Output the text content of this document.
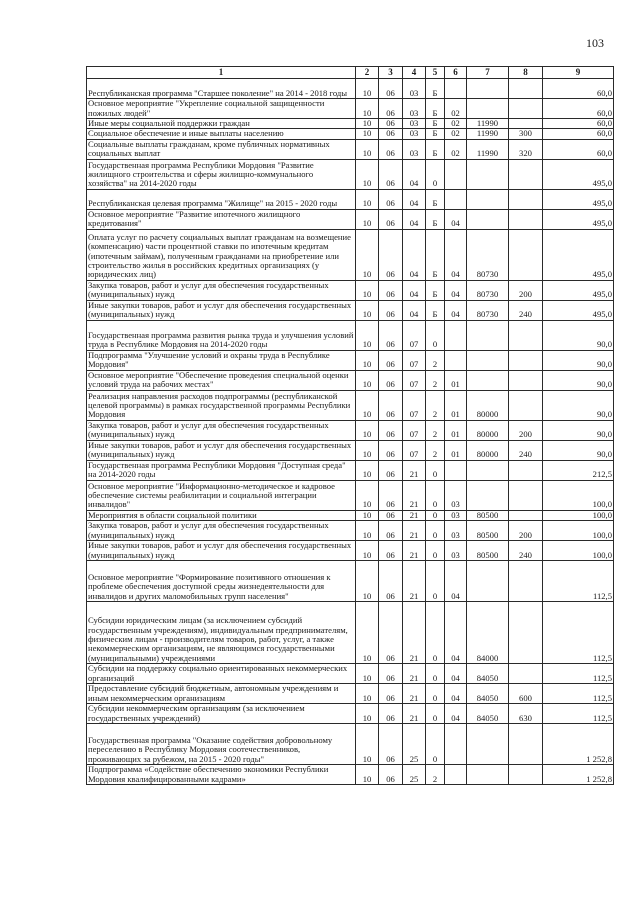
103
1	2	3	4	5	6	7	8	9
Республиканская программа "Старшее поколение" на 2014 - 2018 годы	10	06	03	Б				60,0
Основное мероприятие "Укрепление социальной защищенности пожилых людей"	10	06	03	Б	02			60,0
Иные меры социальной поддержки граждан	10	06	03	Б	02	11990		60,0
Социальное обеспечение и иные выплаты населению	10	06	03	Б	02	11990	300	60,0
Социальные выплаты гражданам, кроме публичных нормативных социальных выплат	10	06	03	Б	02	11990	320	60,0
Государственная программа Республики Мордовия "Развитие жилищного строительства и сферы жилищно-коммунального хозяйства" на 2014-2020 годы	10	06	04	0				495,0
Республиканская целевая программа "Жилище" на 2015 - 2020 годы	10	06	04	Б				495,0
Основное мероприятие "Развитие ипотечного жилищного кредитования"	10	06	04	Б	04			495,0
Оплата услуг по расчету социальных выплат гражданам на возмещение (компенсацию) части процентной ставки по ипотечным кредитам (ипотечным займам), полученным гражданами на приобретение или строительство жилья в российских кредитных организациях (у юридических лиц)	10	06	04	Б	04	80730		495,0
Закупка товаров, работ и услуг для обеспечения государственных (муниципальных) нужд	10	06	04	Б	04	80730	200	495,0
Иные закупки товаров, работ и услуг для обеспечения государственных (муниципальных) нужд	10	06	04	Б	04	80730	240	495,0
Государственная программа развития рынка труда и улучшения условий труда в Республике Мордовия на 2014-2020 годы	10	06	07	0				90,0
Подпрограмма "Улучшение условий и охраны труда в Республике Мордовия"	10	06	07	2				90,0
Основное мероприятие "Обеспечение проведения специальной оценки условий труда на рабочих местах"	10	06	07	2	01			90,0
Реализация направления расходов подпрограммы (республиканской целевой программы) в рамках государственной программы Республики Мордовия	10	06	07	2	01	80000		90,0
Закупка товаров, работ и услуг для обеспечения государственных (муниципальных) нужд	10	06	07	2	01	80000	200	90,0
Иные закупки товаров, работ и услуг для обеспечения государственных (муниципальных) нужд	10	06	07	2	01	80000	240	90,0
Государственная программа Республики Мордовия "Доступная среда" на 2014-2020 годы	10	06	21	0				212,5
Основное мероприятие "Информационно-методическое и кадровое обеспечение системы реабилитации и социальной интеграции инвалидов"	10	06	21	0	03			100,0
Мероприятия в области социальной политики	10	06	21	0	03	80500		100,0
Закупка товаров, работ и услуг для обеспечения государственных (муниципальных) нужд	10	06	21	0	03	80500	200	100,0
Иные закупки товаров, работ и услуг для обеспечения государственных (муниципальных) нужд	10	06	21	0	03	80500	240	100,0
Основное мероприятие "Формирование позитивного отношения к проблеме обеспечения доступной среды жизнедеятельности для инвалидов и других маломобильных групп населения"	10	06	21	0	04			112,5
Субсидии юридическим лицам (за исключением субсидий государственным учреждениям), индивидуальным предпринимателям, физическим лицам - производителям товаров, работ, услуг, а также некоммерческим организациям, не являющимся государственными (муниципальными) учреждениями	10	06	21	0	04	84000		112,5
Субсидии на поддержку социально ориентированных некоммерческих организаций	10	06	21	0	04	84050		112,5
Предоставление субсидий бюджетным, автономным учреждениям и иным некоммерческим организациям	10	06	21	0	04	84050	600	112,5
Субсидии некоммерческим организациям (за исключением государственных учреждений)	10	06	21	0	04	84050	630	112,5
Государственная программа "Оказание содействия добровольному переселению в Республику Мордовия соотечественников, проживающих за рубежом, на 2015 - 2020 годы"	10	06	25	0				1 252,8
Подпрограмма «Содействие обеспечению экономики Республики Мордовия квалифицированными кадрами»	10	06	25	2				1 252,8
